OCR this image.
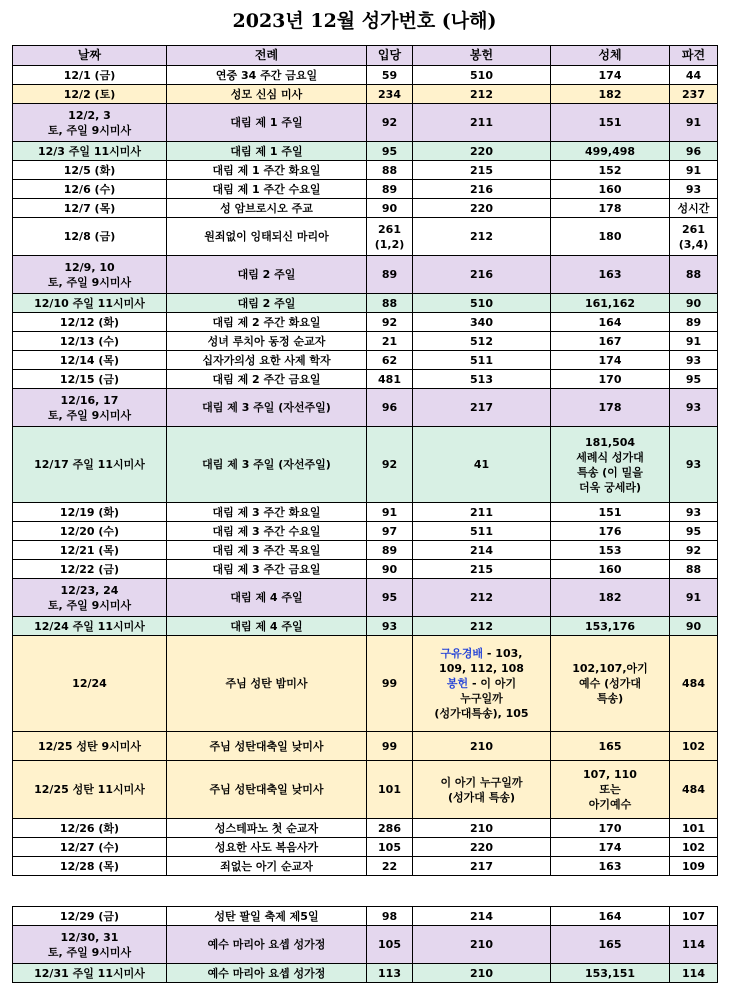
2023년 12월 성가번호 (나해)
날짜	전례	입당	봉헌	성체	파견
12/1 (금)	연중 34 주간 금요일	59	510	174	44
12/2 (토)	성모 신심 미사	234	212	182	237

12/2, 3
토, 주일 9시미사	대림 제 1 주일	92	211	151	91
12/3 주일 11시미사	대림 제 1 주일	95	220	499,498	96
12/5 (화)	대림 제 1 주간 화요일	88	215	152	91
12/6 (수)	대림 제 1 주간 수요일	89	216	160	93
12/7 (목)	성 암브로시오 주교	90	220	178	성시간
12/8 (금)	원죄없이 잉태되신 마리아	261
(1,2)	212	180	261
(3,4)

12/9, 10
토, 주일 9시미사	대림 2 주일	89	216	163	88
12/10 주일 11시미사	대림 2 주일	88	510	161,162	90
12/12 (화)	대림 제 2 주간 화요일	92	340	164	89
12/13 (수)	성녀 루치아 동정 순교자	21	512	167	91
12/14 (목)	십자가의성 요한 사제 학자	62	511	174	93
12/15 (금)	대림 제 2 주간 금요일	481	513	170	95

12/16, 17
토, 주일 9시미사	대림 제 3 주일 (자선주일)	96	217	178	93
12/17 주일 11시미사	대림 제 3 주일 (자선주일)	92	41	181,504
세례식 성가대
특송 (이 밀을
더욱 궁세라)	93
12/19 (화)	대림 제 3 주간 화요일	91	211	151	93
12/20 (수)	대림 제 3 주간 수요일	97	511	176	95
12/21 (목)	대림 제 3 주간 목요일	89	214	153	92
12/22 (금)	대림 제 3 주간 금요일	90	215	160	88

12/23, 24
토, 주일 9시미사	대림 제 4 주일	95	212	182	91
12/24 주일 11시미사	대림 제 4 주일	93	212	153,176	90
12/24	주님 성탄 밤미사	99	구유경배 - 103,
109, 112, 108
봉헌 - 이 아기
누구일까
(성가대특송), 105	102,107,아기
예수 (성가대
특송)	484
12/25 성탄 9시미사	주님 성탄대축일 낮미사	99	210	165	102
12/25 성탄 11시미사	주님 성탄대축일 낮미사	101	이 아기 누구일까
(성가대 특송)	107, 110
또는
아기예수	484
12/26 (화)	성스테파노 첫 순교자	286	210	170	101
12/27 (수)	성요한 사도 복음사가	105	220	174	102
12/28 (목)	죄없는 아기 순교자	22	217	163	109
12/29 (금)	성탄 팔일 축제 제5일	98	214	164	107

12/30, 31
토, 주일 9시미사	예수 마리아 요셉 성가정	105	210	165	114
12/31 주일 11시미사	예수 마리아 요셉 성가정	113	210	153,151	114
